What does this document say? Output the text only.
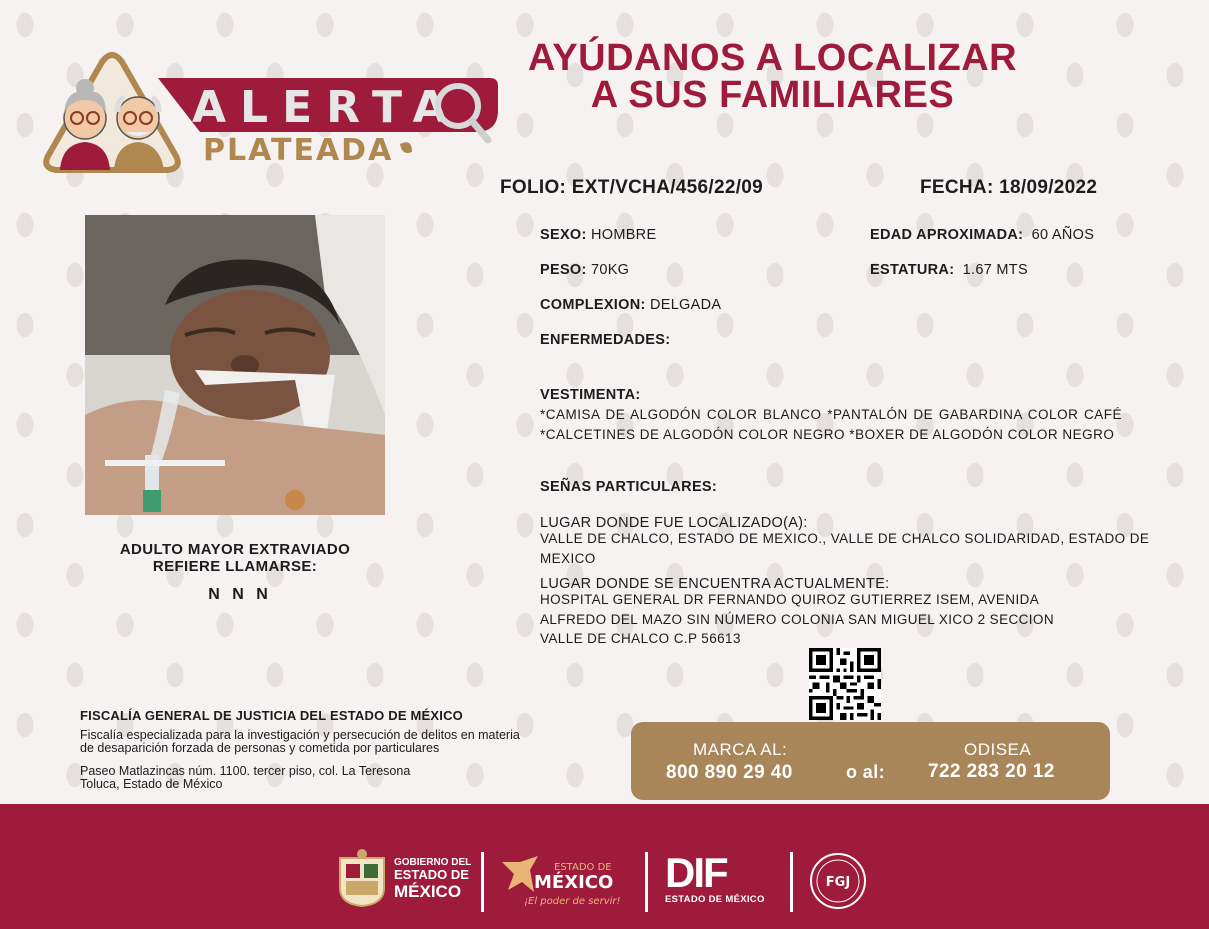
ALERTA
PLATEADA
AYÚDANOS A LOCALIZAR
A SUS FAMILIARES
FOLIO: EXT/VCHA/456/22/09	FECHA: 18/09/2022
SEXO: HOMBRE	EDAD APROXIMADA: 60 AÑOS
PESO: 70KG	ESTATURA: 1.67 MTS
COMPLEXION: DELGADA
ENFERMEDADES:
VESTIMENTA:
*CAMISA DE ALGODÓN COLOR BLANCO *PANTALÓN DE GABARDINA COLOR CAFÉ *CALCETINES DE ALGODÓN COLOR NEGRO *BOXER DE ALGODÓN COLOR NEGRO
SEÑAS PARTICULARES:
LUGAR DONDE FUE LOCALIZADO(A):
VALLE DE CHALCO, ESTADO DE MEXICO., VALLE DE CHALCO SOLIDARIDAD, ESTADO DE MEXICO
LUGAR DONDE SE ENCUENTRA ACTUALMENTE:
HOSPITAL GENERAL DR FERNANDO QUIROZ GUTIERREZ ISEM, AVENIDA ALFREDO DEL MAZO SIN NÚMERO COLONIA SAN MIGUEL XICO 2 SECCION VALLE DE CHALCO C.P 56613
ADULTO MAYOR EXTRAVIADO
REFIERE LLAMARSE:
N N N
FISCALÍA GENERAL DE JUSTICIA DEL ESTADO DE MÉXICO
Fiscalía especializada para la investigación y persecución de delitos en materia
de desaparición forzada de personas y cometida por particulares
Paseo Matlazincas núm. 1100. tercer piso, col. La Teresona
Toluca, Estado de México
MARCA AL:
800 890 29 40	o al:
ODISEA
722 283 20 12
GOBIERNO DEL
ESTADO DE
MÉXICO
ESTADO DE
MÉXICO
¡El poder de servir!
DIF
ESTADO DE MÉXICO
FGJ
